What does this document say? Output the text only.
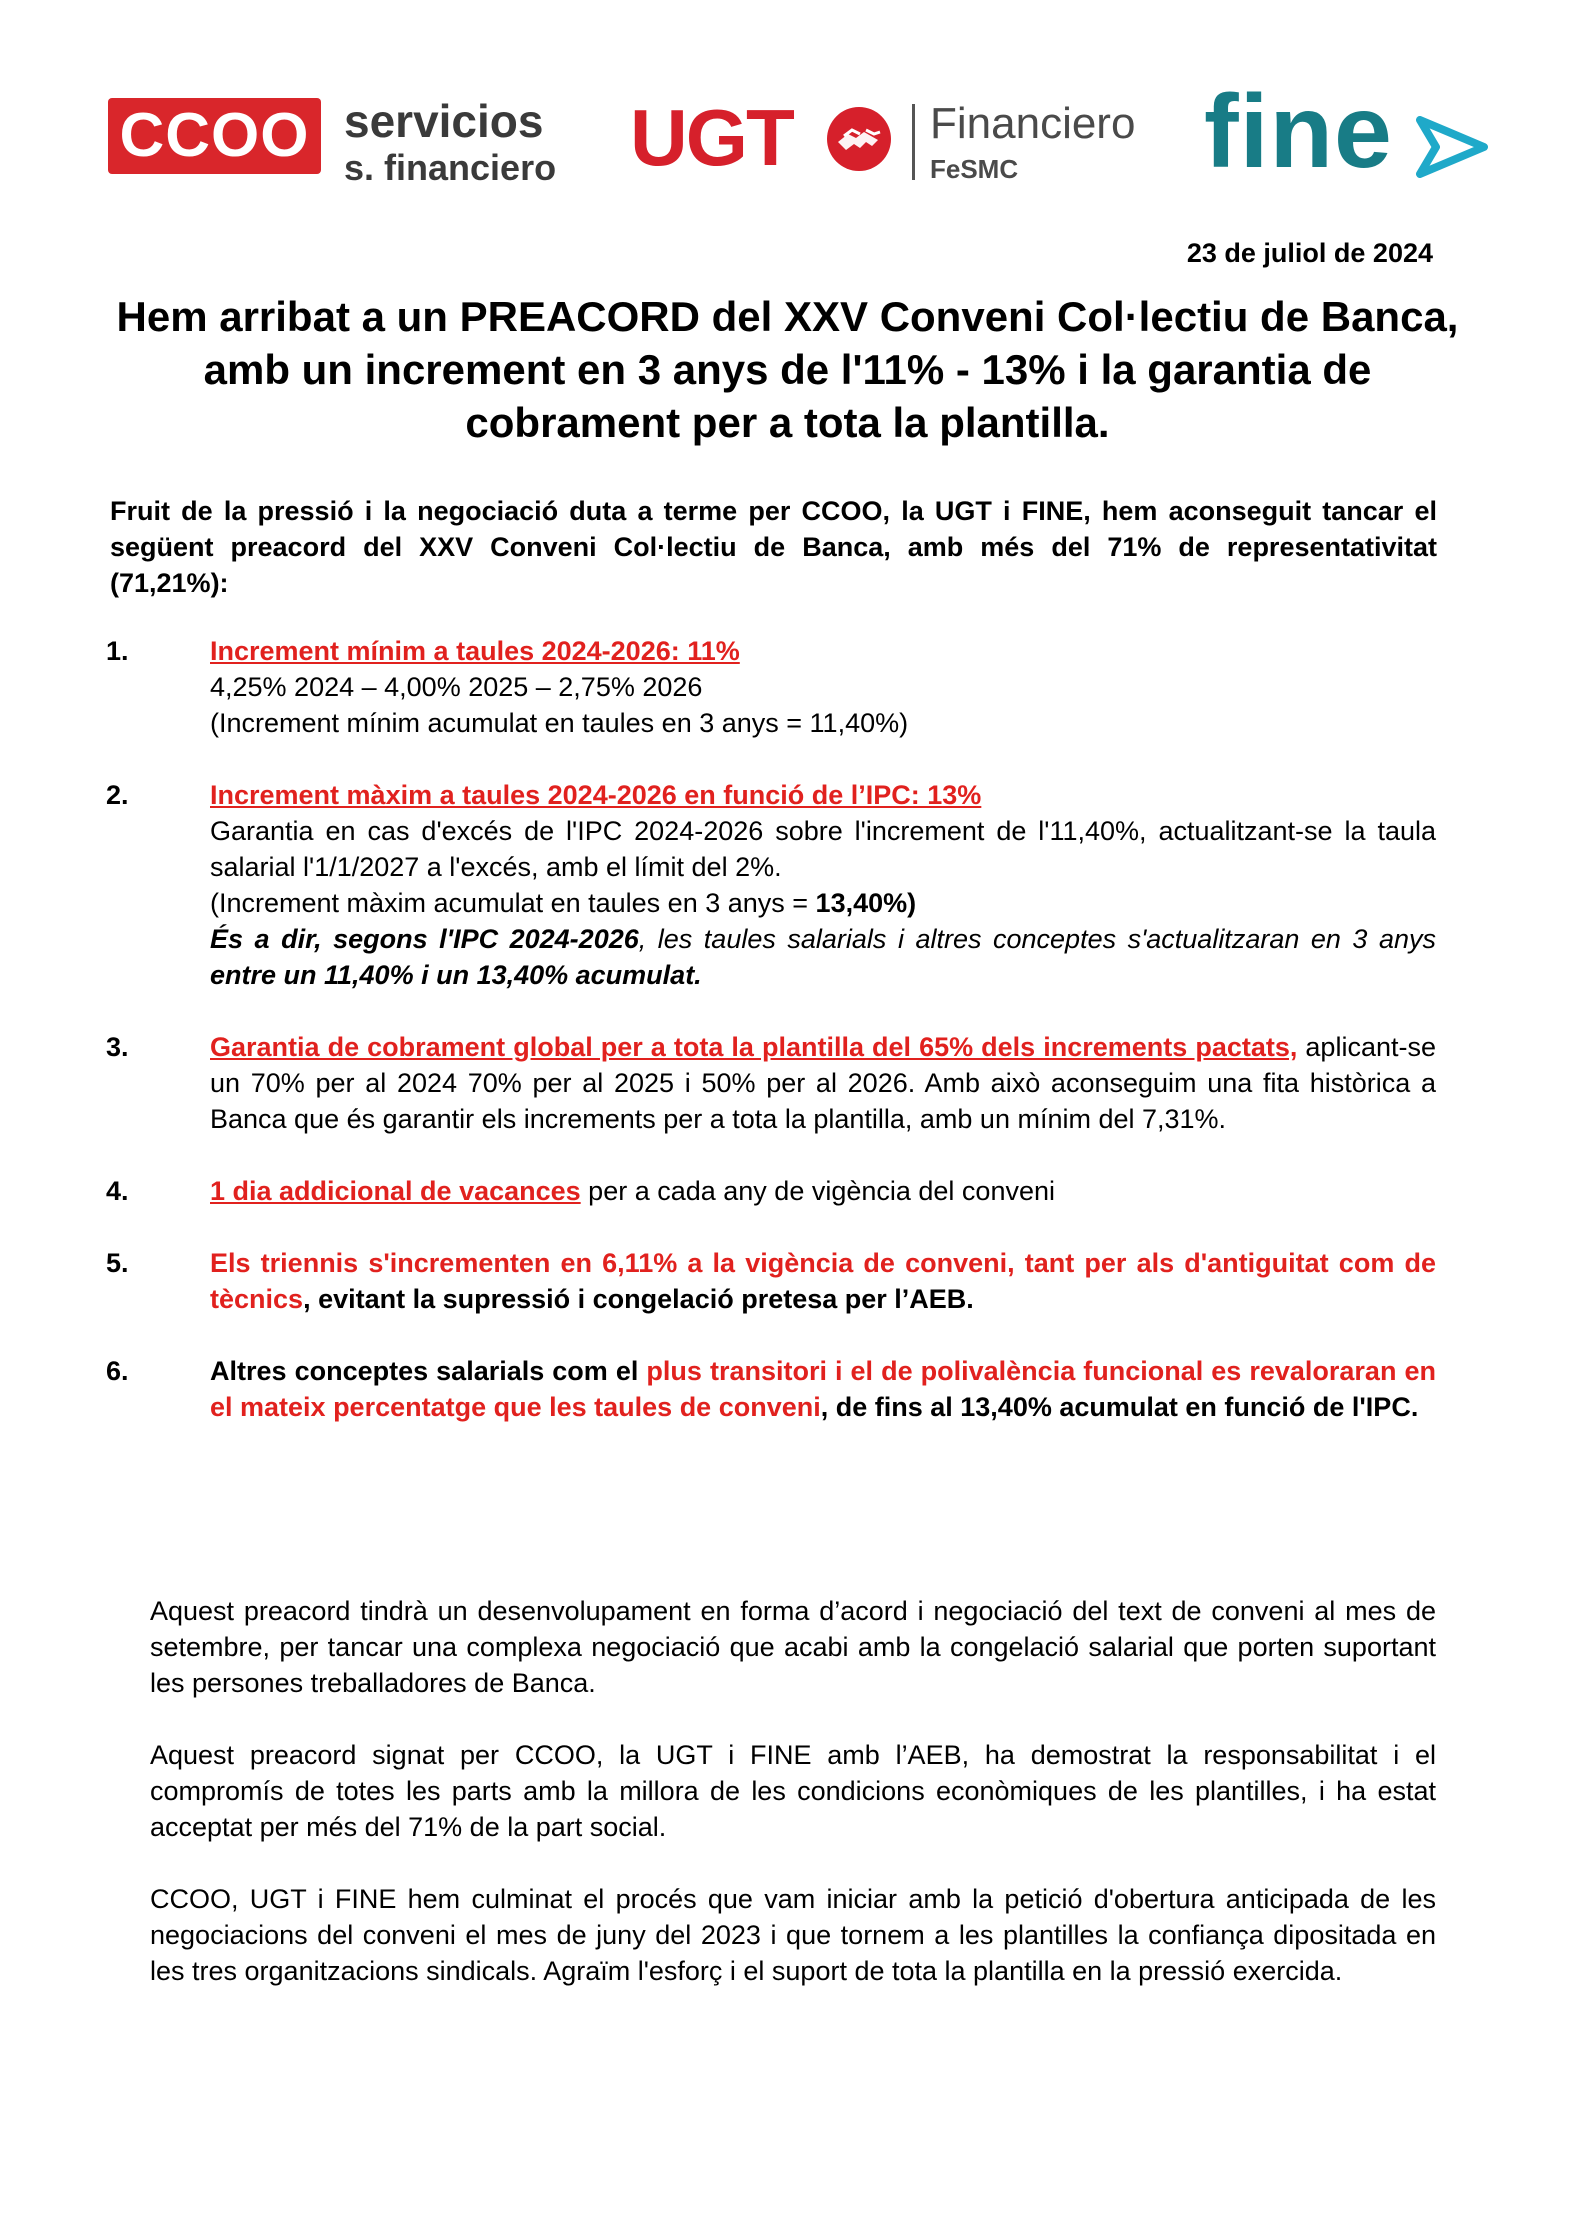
CCOO servicios
s. financiero UGT	Financiero
FeSMC	fine
23 de juliol de 2024
Hem arribat a un PREACORD del XXV Conveni Col·lectiu de Banca, amb un increment en 3 anys de l'11% - 13% i la garantia de cobrament per a tota la plantilla.

Fruit de la pressió i la negociació duta a terme per CCOO, la UGT i FINE, hem aconseguit tancar el següent preacord del XXV Conveni Col·lectiu de Banca, amb més del 71% de representativitat (71,21%):

1.	Increment mínim a taules 2024-2026: 11%

4,25% 2024 – 4,00% 2025 – 2,75% 2026

(Increment mínim acumulat en taules en 3 anys = 11,40%)

2.	Increment màxim a taules 2024-2026 en funció de l’IPC: 13%

Garantia en cas d'excés de l'IPC 2024-2026 sobre l'increment de l'11,40%, actualitzant-se la taula salarial l'1/1/2027 a l'excés, amb el límit del 2%.

(Increment màxim acumulat en taules en 3 anys = 13,40%)

És a dir, segons l'IPC 2024-2026, les taules salarials i altres conceptes s'actualitzaran en 3 anys entre un 11,40% i un 13,40% acumulat.

3.	Garantia de cobrament global per a tota la plantilla del 65% dels increments pactats, aplicant-se un 70% per al 2024 70% per al 2025 i 50% per al 2026. Amb això aconseguim una fita històrica a Banca que és garantir els increments per a tota la plantilla, amb un mínim del 7,31%.

4.	1 dia addicional de vacances per a cada any de vigència del conveni

5.	Els triennis s'incrementen en 6,11% a la vigència de conveni, tant per als d'antiguitat com de tècnics, evitant la supressió i congelació pretesa per l’AEB.

6.	Altres conceptes salarials com el plus transitori i el de polivalència funcional es revaloraran en el mateix percentatge que les taules de conveni, de fins al 13,40% acumulat en funció de l'IPC.

Aquest preacord tindrà un desenvolupament en forma d’acord i negociació del text de conveni al mes de setembre, per tancar una complexa negociació que acabi amb la congelació salarial que porten suportant les persones treballadores de Banca.

Aquest preacord signat per CCOO, la UGT i FINE amb l’AEB, ha demostrat la responsabilitat i el compromís de totes les parts amb la millora de les condicions econòmiques de les plantilles, i ha estat acceptat per més del 71% de la part social.

CCOO, UGT i FINE hem culminat el procés que vam iniciar amb la petició d'obertura anticipada de les negociacions del conveni el mes de juny del 2023 i que tornem a les plantilles la confiança dipositada en les tres organitzacions sindicals. Agraïm l'esforç i el suport de tota la plantilla en la pressió exercida.
